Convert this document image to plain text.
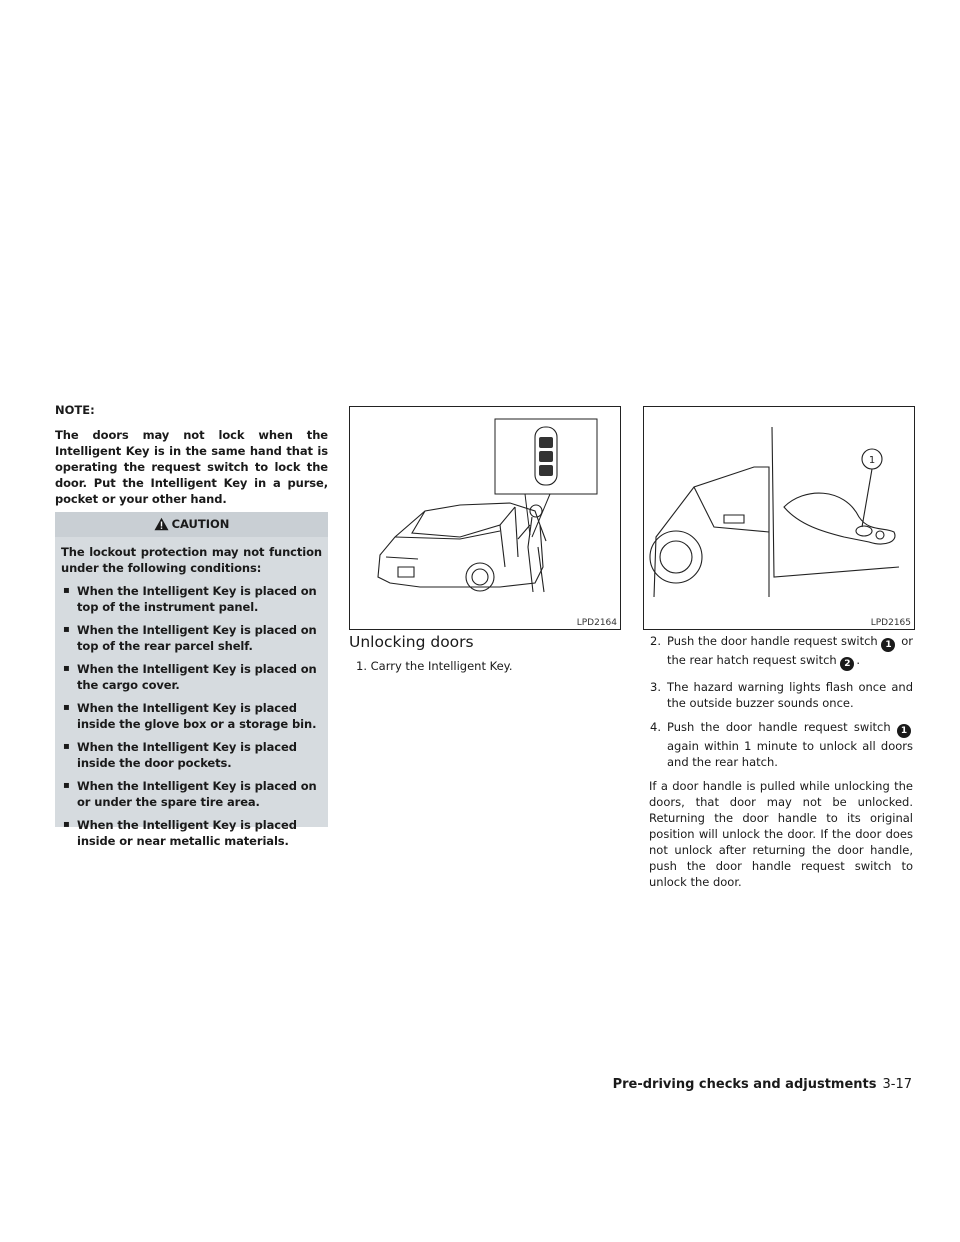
NOTE:

The doors may not lock when the Intelligent Key is in the same hand that is operating the request switch to lock the door. Put the Intelligent Key in a purse, pocket or your other hand.

CAUTION

The lockout protection may not function under the following conditions:

▪ When the Intelligent Key is placed on top of the instrument panel.
▪ When the Intelligent Key is placed on top of the rear parcel shelf.
▪ When the Intelligent Key is placed on the cargo cover.
▪ When the Intelligent Key is placed inside the glove box or a storage bin.
▪ When the Intelligent Key is placed inside the door pockets.
▪ When the Intelligent Key is placed on or under the spare tire area.
▪ When the Intelligent Key is placed inside or near metallic materials.
LPD2164
1
LPD2165
Unlocking doors

1. Carry the Intelligent Key.

2. Push the door handle request switch 1 or the rear hatch request switch 2 .
3. The hazard warning lights flash once and the outside buzzer sounds once.
4. Push the door handle request switch 1 again within 1 minute to unlock all doors and the rear hatch.

If a door handle is pulled while unlocking the doors, that door may not be unlocked. Returning the door handle to its original position will unlock the door. If the door does not unlock after returning the door handle, push the door handle request switch to unlock the door.

Pre-driving checks and adjustments 3-17
